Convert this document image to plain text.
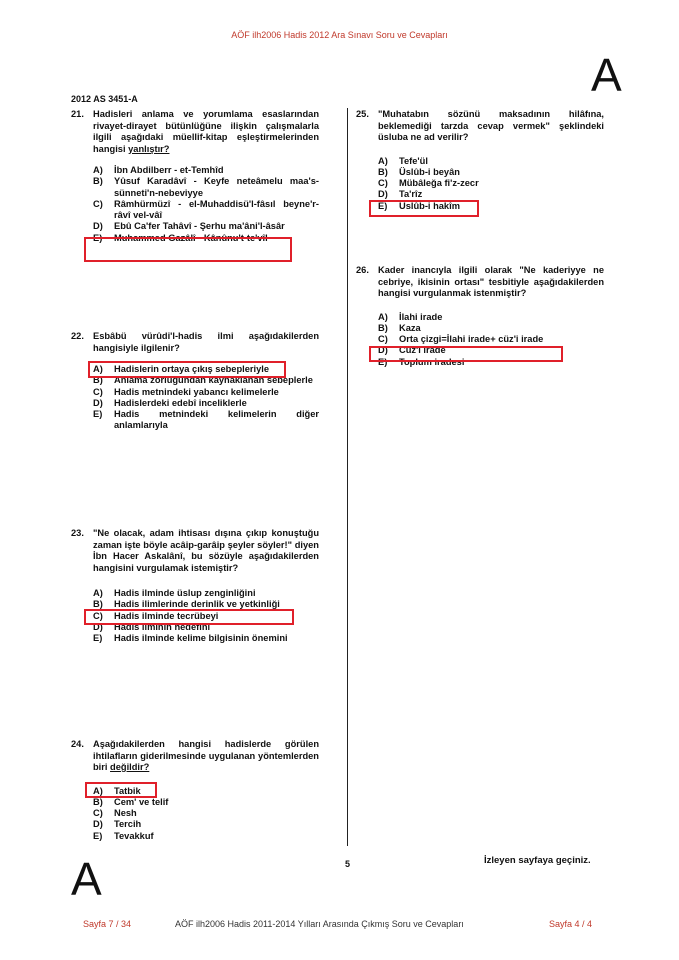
AÖF ilh2006 Hadis 2012 Ara Sınavı Soru ve Cevapları
A
2012 AS 3451-A
21. Hadisleri anlama ve yorumlama esaslarından rivayet-dirayet bütünlüğüne ilişkin çalışmalarla ilgili aşağıdaki müellif-kitap eşleştirmelerinden hangisi yanlıştır?
A)	İbn Abdilberr - et-Temhîd
B)	Yûsuf Karadâvî - Keyfe neteâmelu maa's-sünneti'n-nebeviyye
C)	Râmhürmüzî - el-Muhaddisü'l-fâsıl beyne'r-râvî vel-vâî
D)	Ebû Ca'fer Tahâvî - Şerhu ma'âni'l-âsâr
E)	Muhammed Gazâlî - Kânûnu't-te'vîl
22. Esbâbü vürûdi'l-hadis ilmi aşağıdakilerden hangisiyle ilgilenir?
A)	Hadislerin ortaya çıkış sebepleriyle
B)	Anlama zorluğundan kaynaklanan sebeplerle
C)	Hadis metnindeki yabancı kelimelerle
D)	Hadislerdeki edebî inceliklerle
E)	Hadis metnindeki kelimelerin diğer anlamlarıyla
23. "Ne olacak, adam ihtisası dışına çıkıp konuştuğu zaman işte böyle acâip-garâip şeyler söyler!" diyen İbn Hacer Askalânî, bu sözüyle aşağıdakilerden hangisini vurgulamak istemiştir?
A)	Hadis ilminde üslup zenginliğini
B)	Hadis ilimlerinde derinlik ve yetkinliği
C)	Hadis ilminde tecrübeyi
D)	Hadis ilminin hedefini
E)	Hadis ilminde kelime bilgisinin önemini
24. Aşağıdakilerden hangisi hadislerde görülen ihtilafların giderilmesinde uygulanan yöntemlerden biri değildir?
A)	Tatbik
B)	Cem' ve telif
C)	Nesh
D)	Tercih
E)	Tevakkuf
25. "Muhatabın sözünü maksadının hilâfına, beklemediği tarzda cevap vermek" şeklindeki üsluba ne ad verilir?
A)	Tefe'ül
B)	Üslûb-i beyân
C)	Mübâleğa fi'z-zecr
D)	Ta'rîz
E)	Üslûb-i hakîm
26. Kader inancıyla ilgili olarak "Ne kaderiyye ne cebriye, ikisinin ortası" tesbitiyle aşağıdakilerden hangisi vurgulanmak istenmiştir?
A)	İlahi irade
B)	Kaza
C)	Orta çizgi=İlahi irade+ cüz'i irade
D)	Cüz'i irade
E)	Toplum iradesi
5	İzleyen sayfaya geçiniz.
A
Sayfa 7 / 34	AÖF ilh2006 Hadis 2011-2014 Yılları Arasında Çıkmış Soru ve Cevapları	Sayfa 4 / 4
